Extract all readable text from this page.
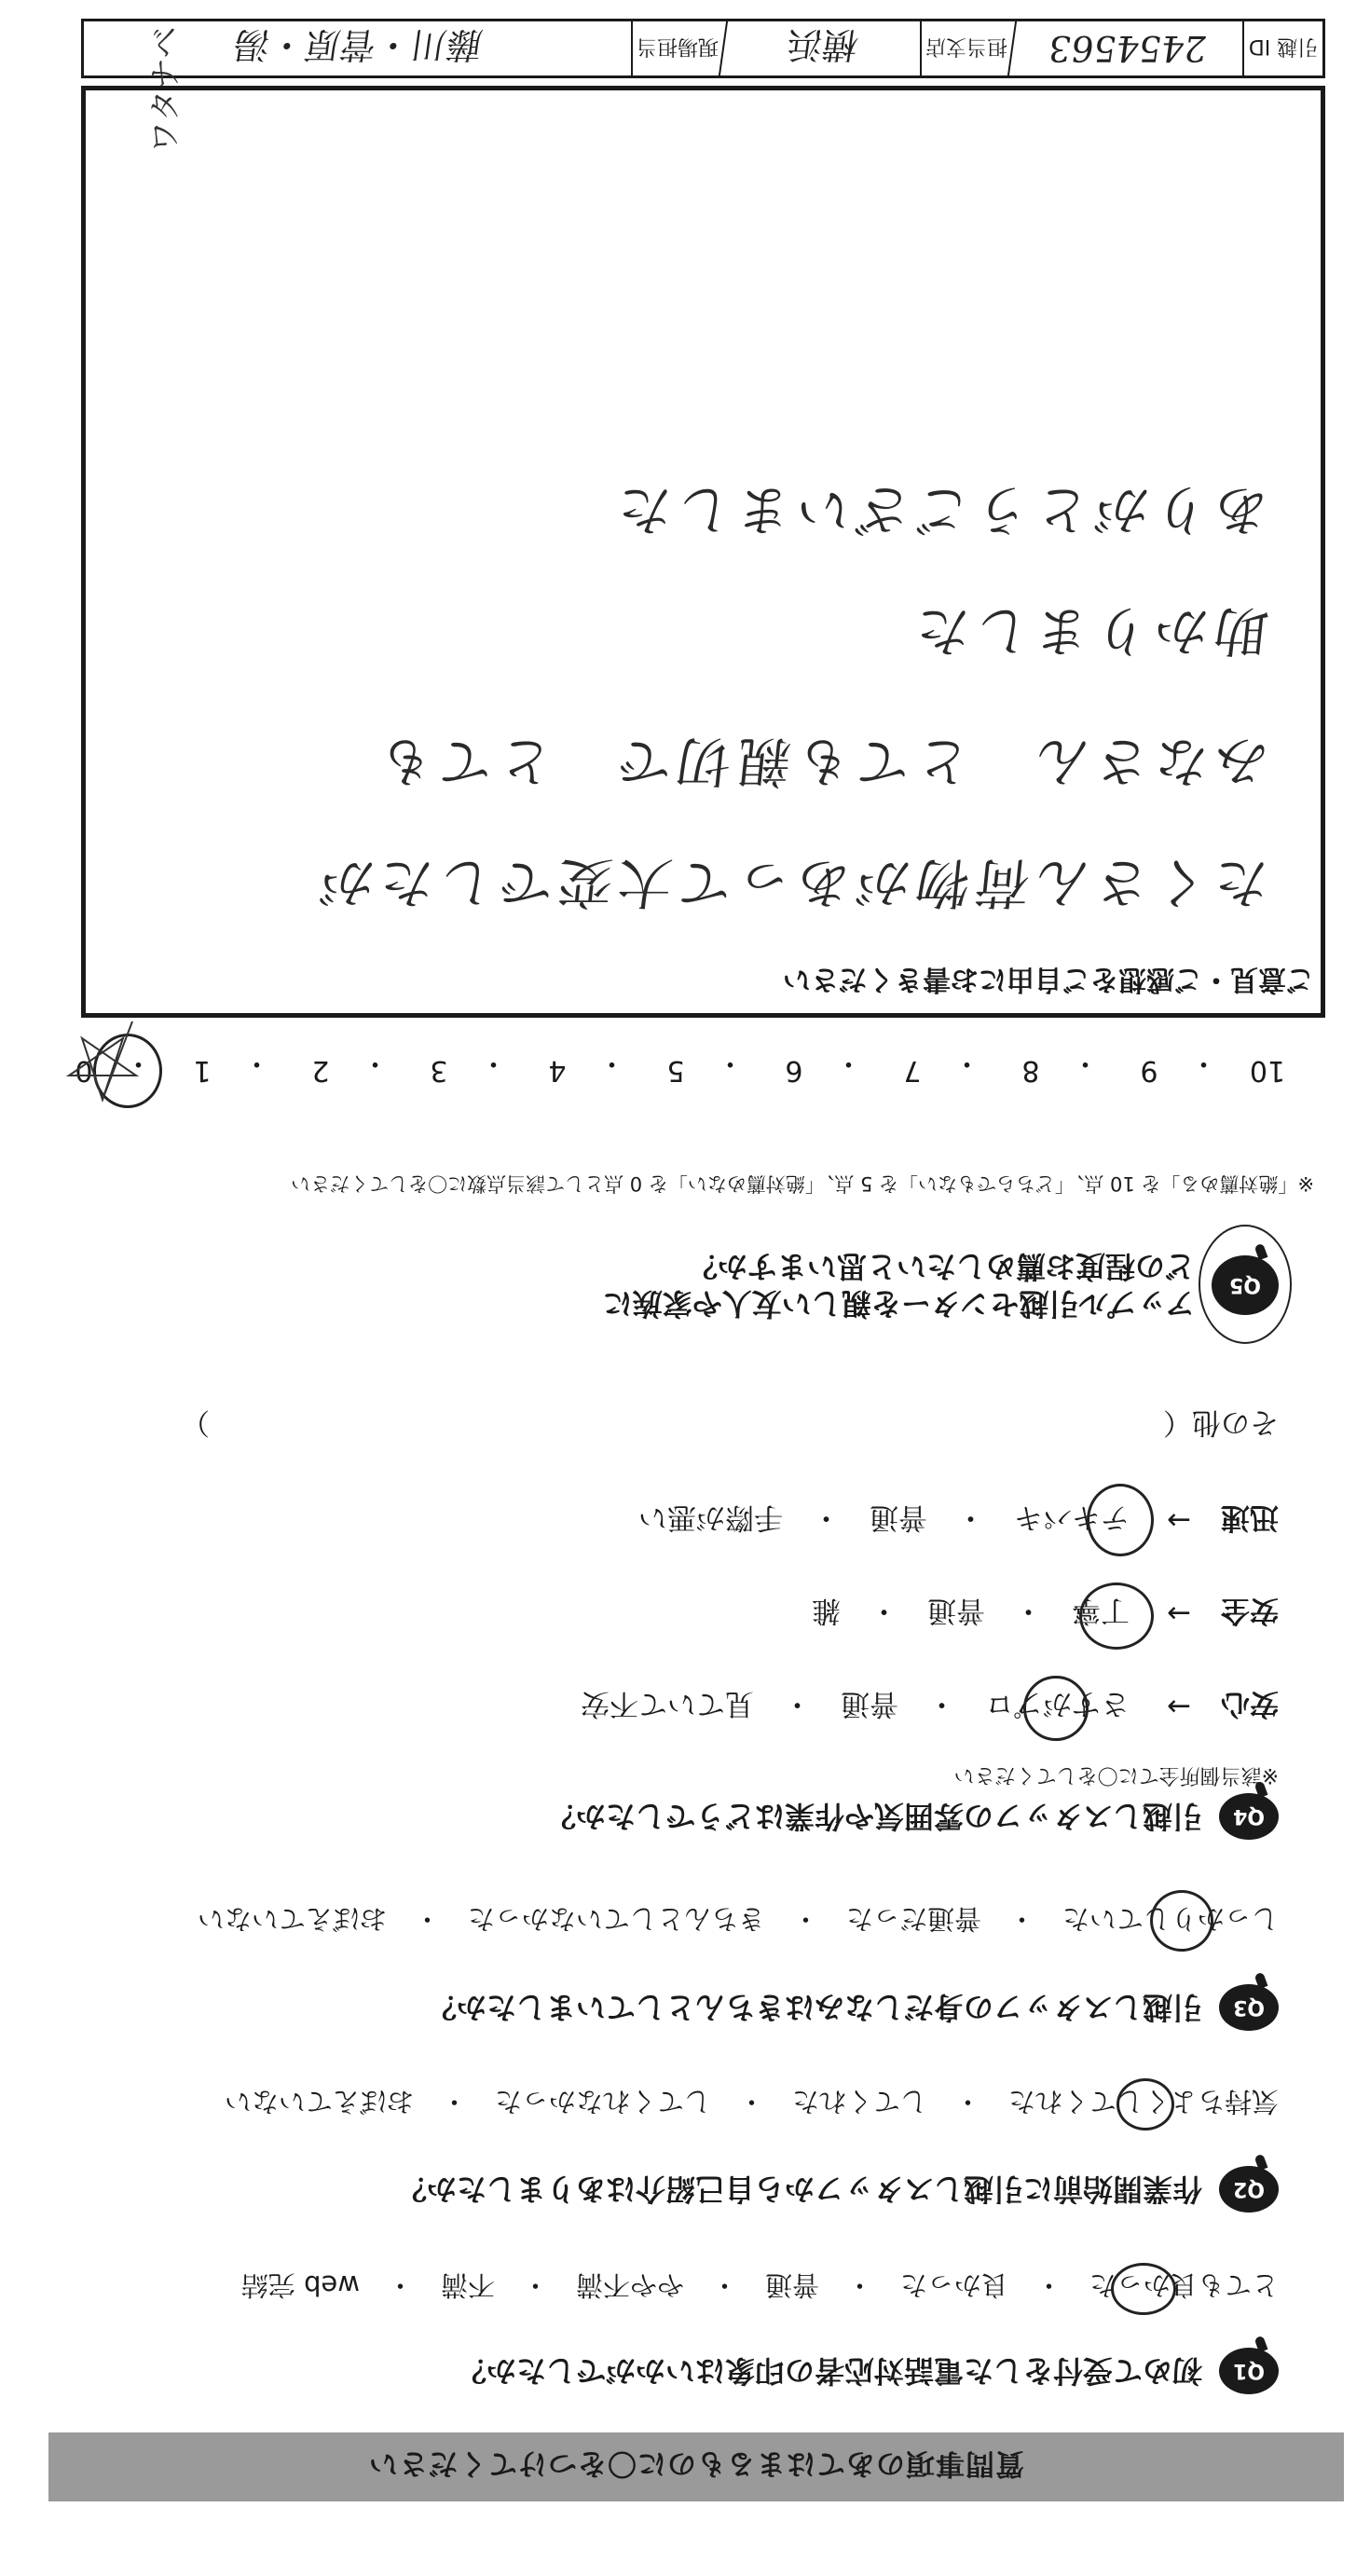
質問事項のあてはまるものに〇をつけてください
Q1
初めて受付をした電話対応者の印象はいかがでしたか？
とても良かった　・　良かった　・　普通　・　やや不満　・　不満　・　web 完結
Q2
作業開始前に引越しスタッフから自己紹介はありましたか？
気持ちよくしてくれた　・　してくれた　・　してくれなかった　・　おぼえていない
Q3
引越しスタッフの身だしなみはきちんとしていましたか？
しっかりしていた　・　普通だった　・　きちんとしていなかった　・　おぼえていない
Q4
引越しスタッフの雰囲気や作業はどうでしたか？
※該当個所全てに〇をしてください
安心
→
さすがプロ　・　普通　・　見ていて不安
安全
→
丁寧　・　普通　・　雑
迅速
→
テキパキ　・　普通　・　手際が悪い
その他（　　　　　　　　　　　　　　　　　　　　　　　　　　　　　　　　　）
Q5
アップル引越センターを親しい友人や家族に
どの程度お薦めしたいと思いますか？
※「絶対薦める」を 10 点、「どちらでもない」を 5 点、「絶対薦めない」を 0 点として該当点数に〇をしてください
10
・
9
・
8
・
7
・
6
・
5
・
4
・
3
・
2
・
1
・
0
ご意見・ご感想をご自由にお書きください
たくさん荷物があって大変でしたが
みなさん　とても親切で　とても
助かりました
ありがとうございました
引越 ID
2454563
担当支店
横浜
現場担当
藤川・菅原・湯
ワタナベ
